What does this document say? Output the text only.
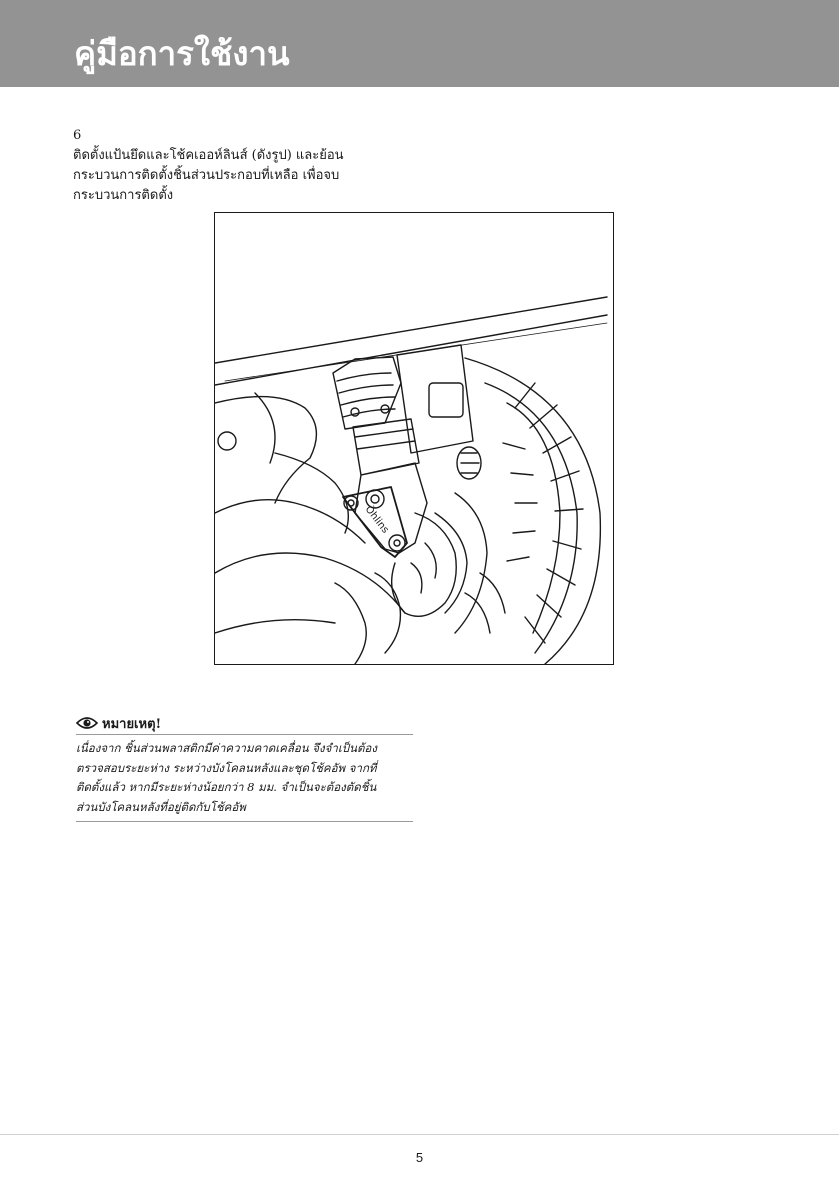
คู่มือการใช้งาน
6
ติดตั้งแป้นยึดและโช้คเออห์ลินส์ (ดังรูป) และย้อน
กระบวนการติดตั้งชิ้นส่วนประกอบที่เหลือ เพื่อจบ
กระบวนการติดตั้ง
Öhlins
หมายเหตุ!
เนื่องจาก ชิ้นส่วนพลาสติกมีค่าความคาดเคลื่อน จึงจำเป็นต้อง
ตรวจสอบระยะห่าง ระหว่างบังโคลนหลังและชุดโช้คอัพ จากที่
ติดตั้งแล้ว หากมีระยะห่างน้อยกว่า 8 มม. จำเป็นจะต้องตัดชิ้น
ส่วนบังโคลนหลังที่อยู่ติดกับโช้คอัพ
5
